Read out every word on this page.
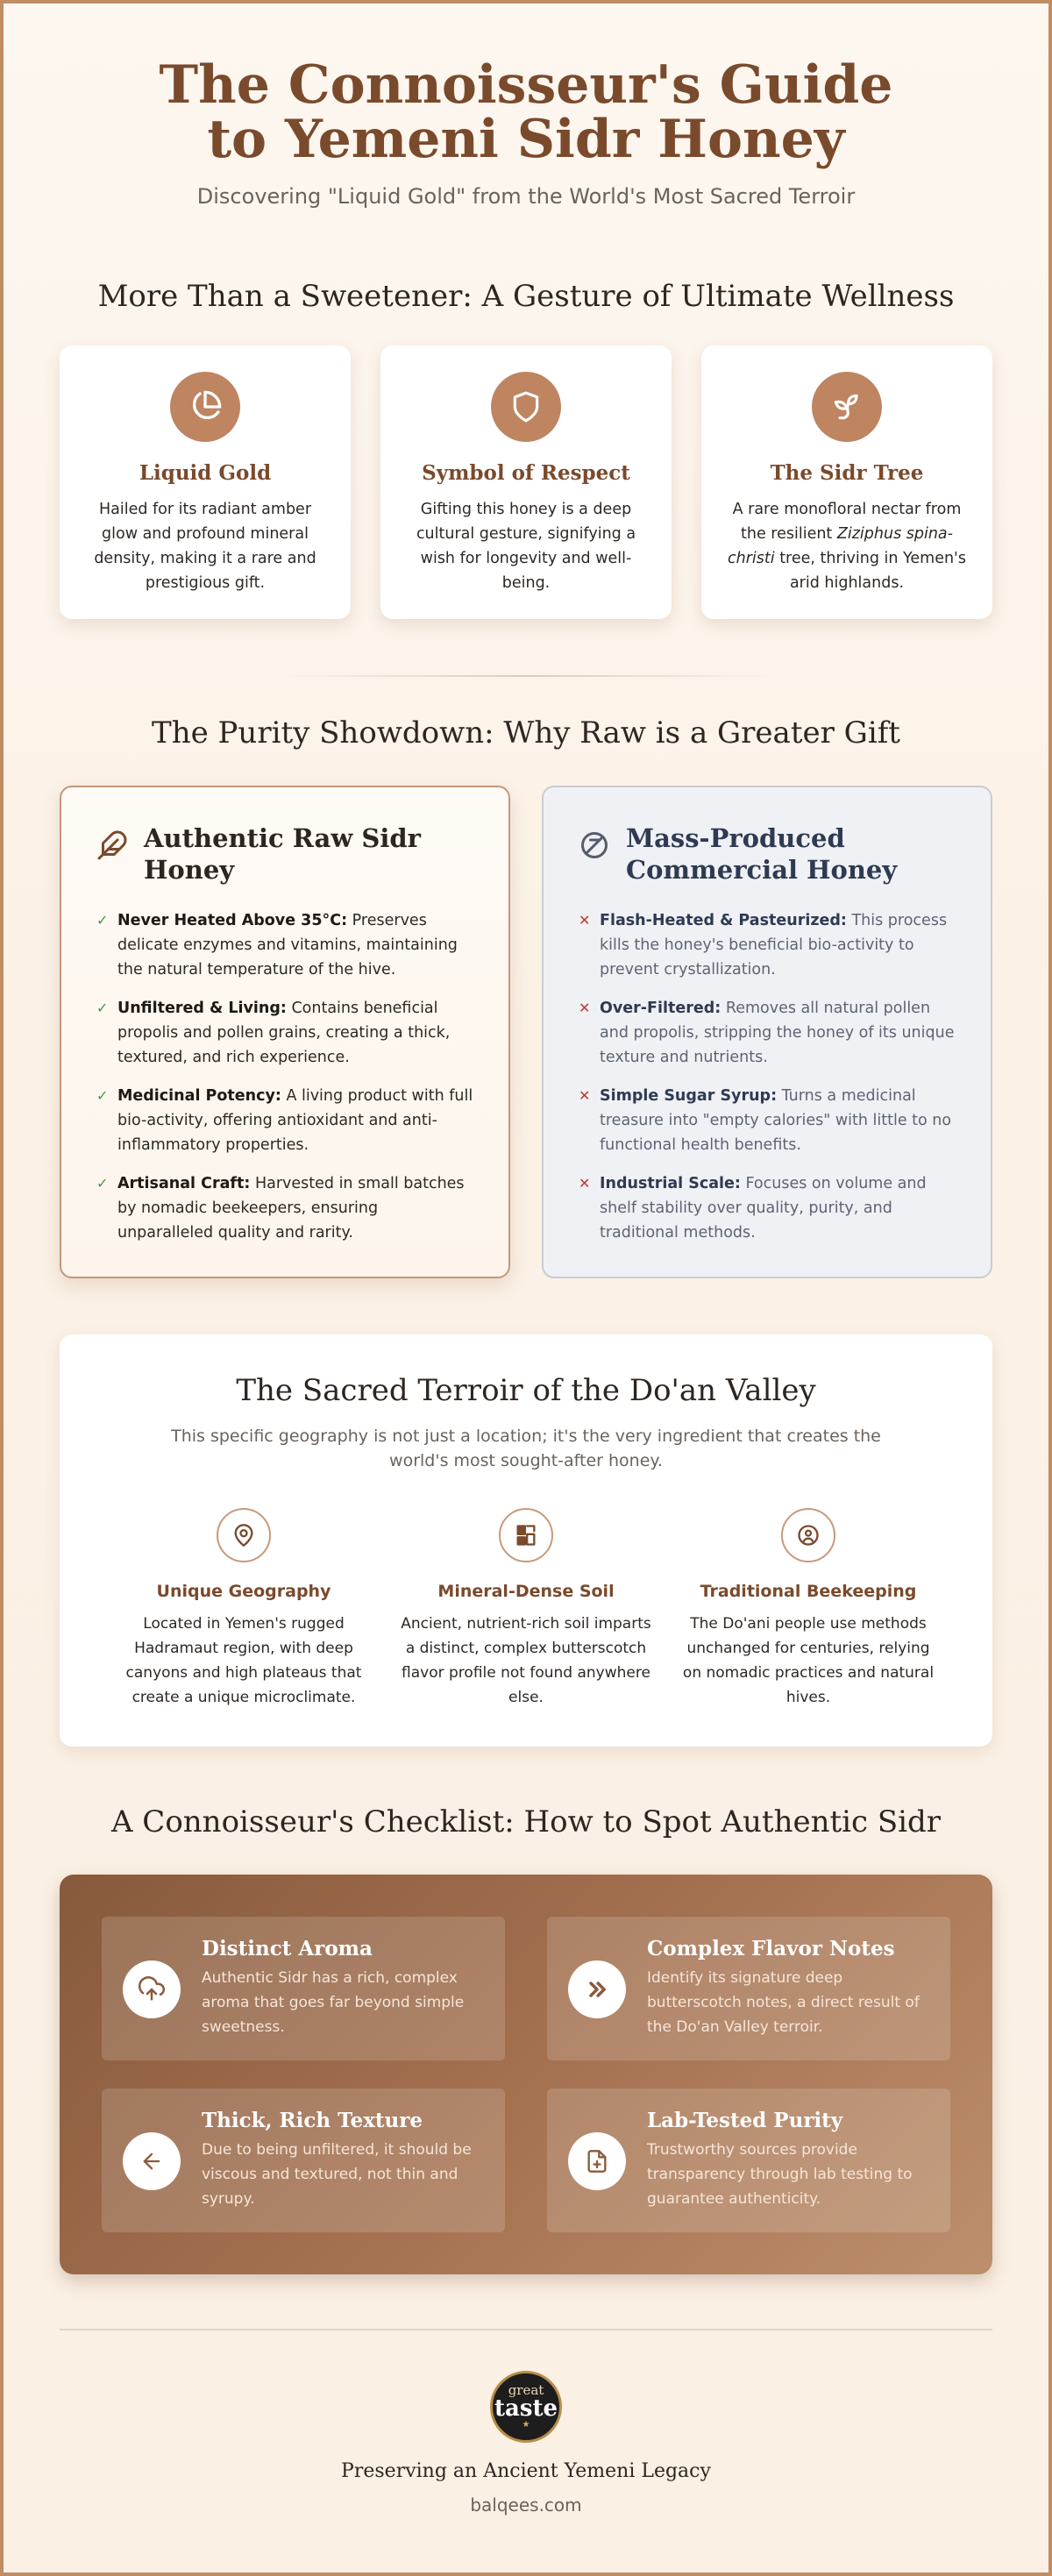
The Connoisseur's Guide to Yemeni Sidr Honey
Discovering "Liquid Gold" from the World's Most Sacred Terroir
More Than a Sweetener: A Gesture of Ultimate Wellness
Liquid Gold

Hailed for its radiant amber glow and profound mineral density, making it a rare and prestigious gift.

Symbol of Respect

Gifting this honey is a deep cultural gesture, signifying a wish for longevity and well-being.

The Sidr Tree

A rare monofloral nectar from the resilient Ziziphus spina-christi tree, thriving in Yemen's arid highlands.

The Purity Showdown: Why Raw is a Greater Gift
Authentic Raw Sidr Honey
✓ Never Heated Above 35°C: Preserves delicate enzymes and vitamins, maintaining the natural temperature of the hive.
✓ Unfiltered & Living: Contains beneficial propolis and pollen grains, creating a thick, textured, and rich experience.
✓ Medicinal Potency: A living product with full bio-activity, offering antioxidant and anti-inflammatory properties.
✓ Artisanal Craft: Harvested in small batches by nomadic beekeepers, ensuring unparalleled quality and rarity.
Mass-Produced Commercial Honey
✕ Flash-Heated & Pasteurized: This process kills the honey's beneficial bio-activity to prevent crystallization.
✕ Over-Filtered: Removes all natural pollen and propolis, stripping the honey of its unique texture and nutrients.
✕ Simple Sugar Syrup: Turns a medicinal treasure into "empty calories" with little to no functional health benefits.
✕ Industrial Scale: Focuses on volume and shelf stability over quality, purity, and traditional methods.
The Sacred Terroir of the Do'an Valley

This specific geography is not just a location; it's the very ingredient that creates the world's most sought-after honey.

Unique Geography

Located in Yemen's rugged Hadramaut region, with deep canyons and high plateaus that create a unique microclimate.

Mineral-Dense Soil

Ancient, nutrient-rich soil imparts a distinct, complex butterscotch flavor profile not found anywhere else.

Traditional Beekeeping

The Do'ani people use methods unchanged for centuries, relying on nomadic practices and natural hives.

A Connoisseur's Checklist: How to Spot Authentic Sidr
Distinct Aroma

Authentic Sidr has a rich, complex aroma that goes far beyond simple sweetness.

Complex Flavor Notes

Identify its signature deep butterscotch notes, a direct result of the Do'an Valley terroir.

Thick, Rich Texture

Due to being unfiltered, it should be viscous and textured, not thin and syrupy.

Lab-Tested Purity

Trustworthy sources provide transparency through lab testing to guarantee authenticity.

great
taste
★
Preserving an Ancient Yemeni Legacy
balqees.com
